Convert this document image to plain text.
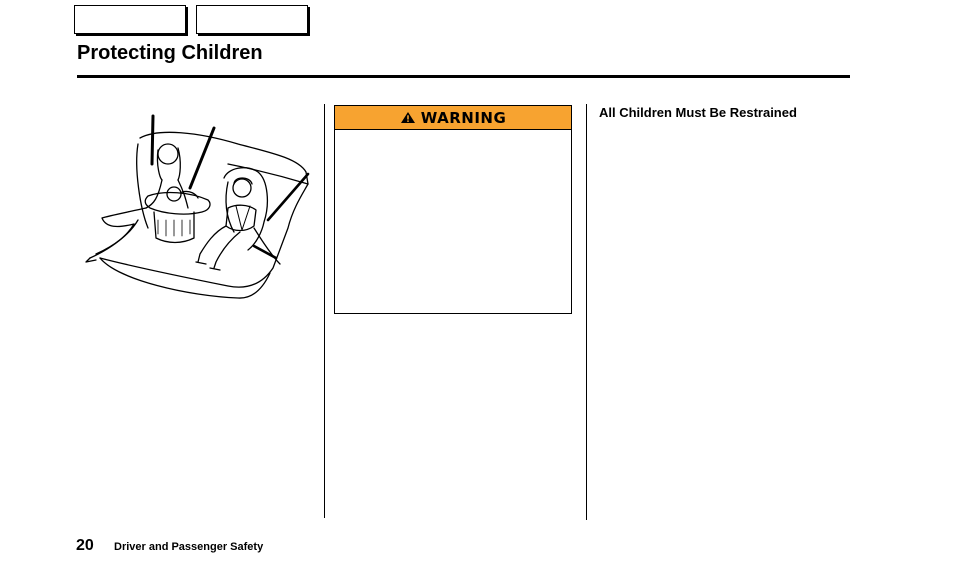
Protecting Children
WARNING	All Children Must Be Restrained
20 Driver and Passenger Safety
